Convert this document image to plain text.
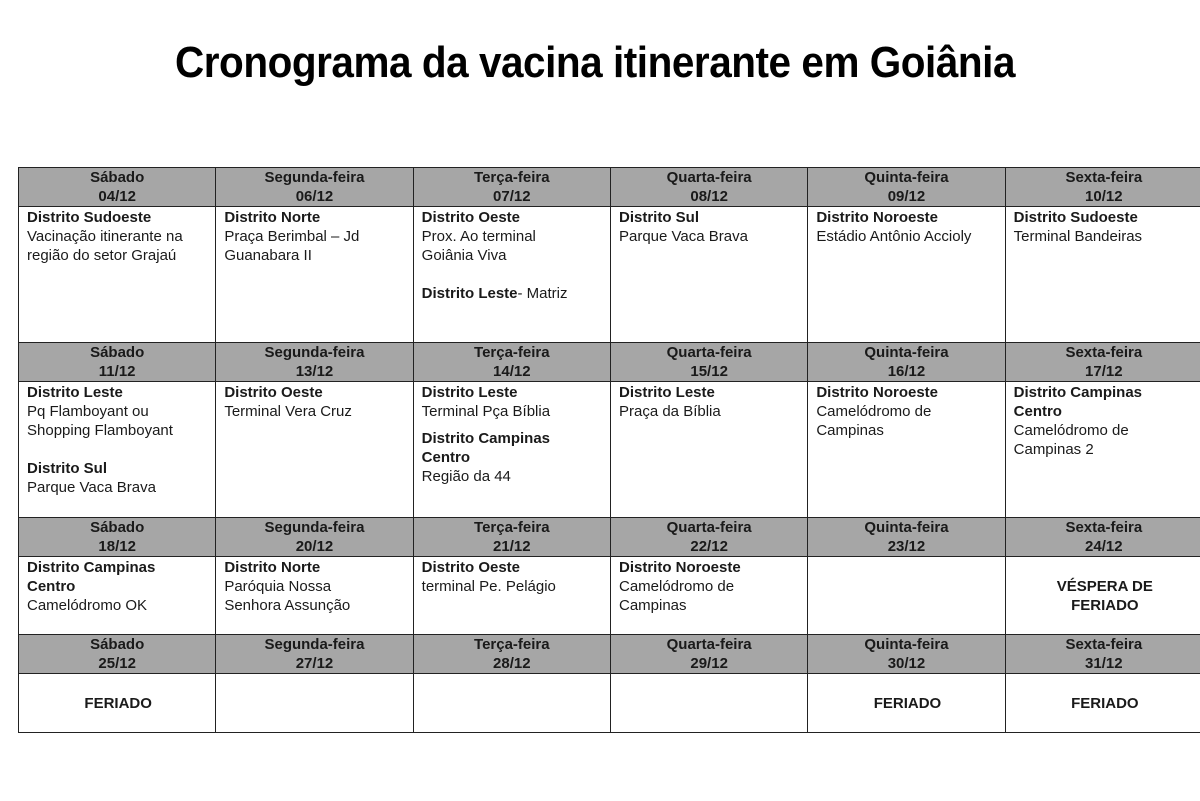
Cronograma da vacina itinerante em Goiânia
Sábado
04/12	Segunda-feira
06/12	Terça-feira
07/12	Quarta-feira
08/12	Quinta-feira
09/12	Sexta-feira
10/12

Distrito Sudoeste
Vacinação itinerante na
região do setor Grajaú	Distrito Norte
Praça Berimbal – Jd
Guanabara II	Distrito Oeste
Prox. Ao terminal
Goiânia Viva
Distrito Leste- Matriz	Distrito Sul
Parque Vaca Brava	Distrito Noroeste
Estádio Antônio Accioly	Distrito Sudoeste
Terminal Bandeiras

Sábado
11/12	Segunda-feira
13/12	Terça-feira
14/12	Quarta-feira
15/12	Quinta-feira
16/12	Sexta-feira
17/12

Distrito Leste
Pq Flamboyant ou
Shopping Flamboyant
Distrito Sul
Parque Vaca Brava	Distrito Oeste
Terminal Vera Cruz	Distrito Leste
Terminal Pça Bíblia
Distrito Campinas
Centro
Região da 44	Distrito Leste
Praça da Bíblia	Distrito Noroeste
Camelódromo de
Campinas	Distrito Campinas
Centro
Camelódromo de
Campinas 2

Sábado
18/12	Segunda-feira
20/12	Terça-feira
21/12	Quarta-feira
22/12	Quinta-feira
23/12	Sexta-feira
24/12

Distrito Campinas
Centro
Camelódromo OK	Distrito Norte
Paróquia Nossa
Senhora Assunção	Distrito Oeste
terminal Pe. Pelágio	Distrito Noroeste
Camelódromo de
Campinas		VÉSPERA DE
FERIADO

Sábado
25/12	Segunda-feira
27/12	Terça-feira
28/12	Quarta-feira
29/12	Quinta-feira
30/12	Sexta-feira
31/12

FERIADO				FERIADO	FERIADO
